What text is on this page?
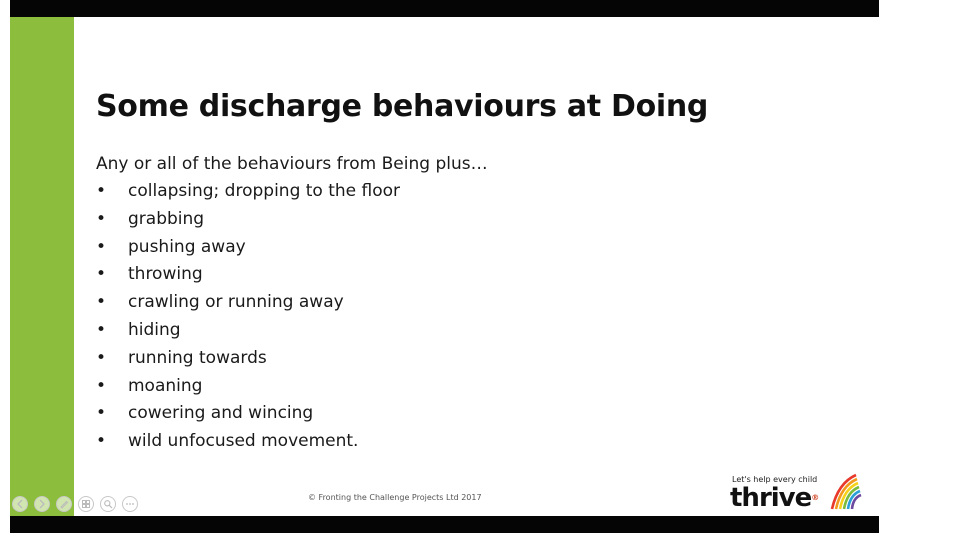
Some discharge behaviours at Doing
Any or all of the behaviours from Being plus…
• collapsing; dropping to the floor
• grabbing
• pushing away
• throwing
• crawling or running away
• hiding
• running towards
• moaning
• cowering and wincing
• wild unfocused movement.
© Fronting the Challenge Projects Ltd 2017
Let's help every child
thrive®
